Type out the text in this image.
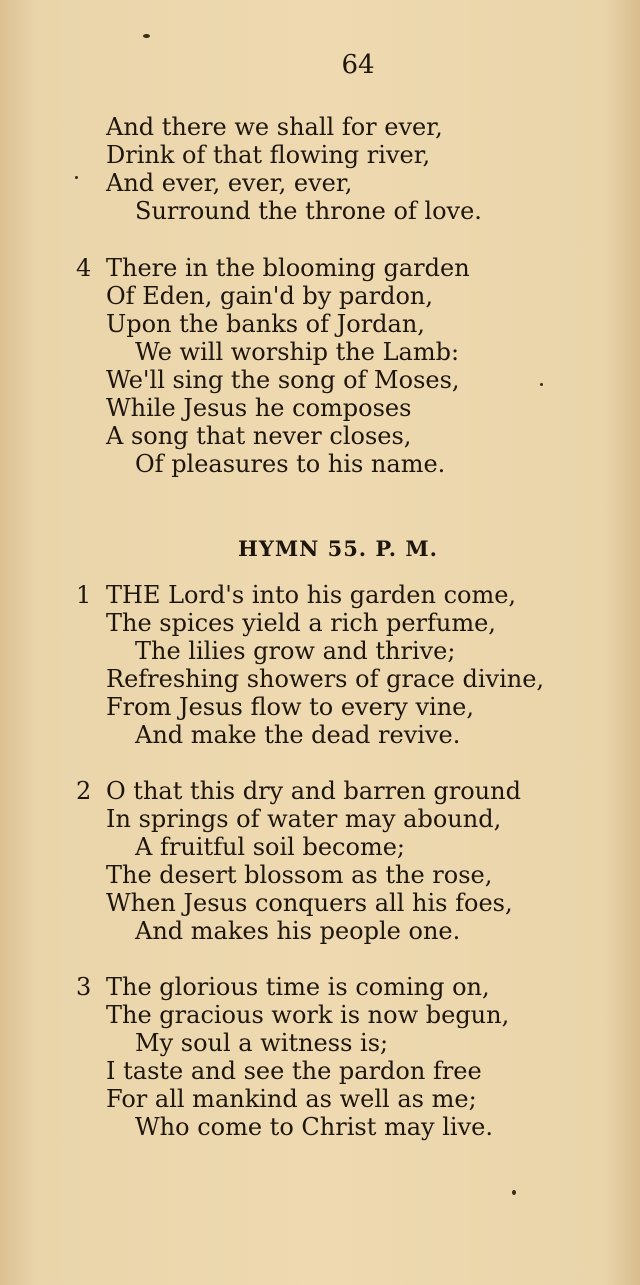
64
And there we shall for ever,
Drink of that flowing river,
And ever, ever, ever,
Surround the throne of love.
4 There in the blooming garden
Of Eden, gain'd by pardon,
Upon the banks of Jordan,
We will worship the Lamb:
We'll sing the song of Moses,
While Jesus he composes
A song that never closes,
Of pleasures to his name.
HYMN 55. P. M.
1 THE Lord's into his garden come,
The spices yield a rich perfume,
The lilies grow and thrive;
Refreshing showers of grace divine,
From Jesus flow to every vine,
And make the dead revive.
2 O that this dry and barren ground
In springs of water may abound,
A fruitful soil become;
The desert blossom as the rose,
When Jesus conquers all his foes,
And makes his people one.
3 The glorious time is coming on,
The gracious work is now begun,
My soul a witness is;
I taste and see the pardon free
For all mankind as well as me;
Who come to Christ may live.
